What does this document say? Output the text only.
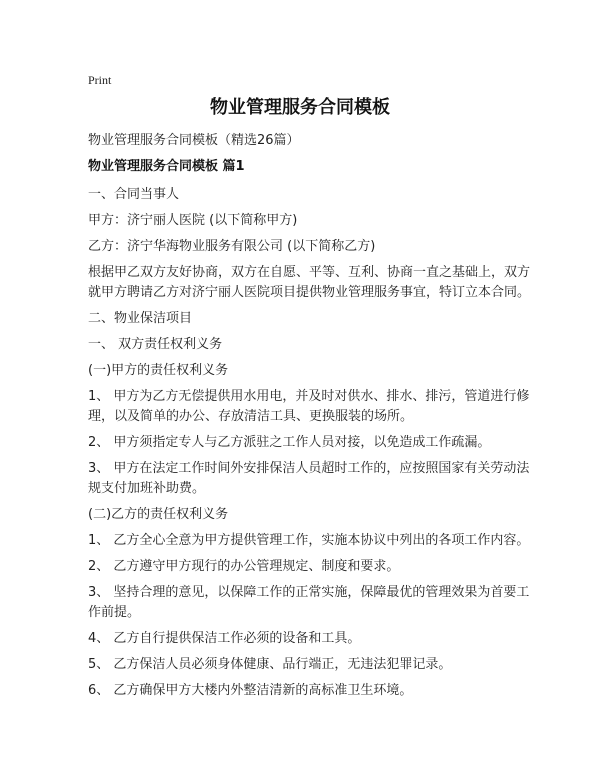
Print
物业管理服务合同模板

物业管理服务合同模板（精选26篇）

物业管理服务合同模板 篇1

一、合同当事人

甲方：济宁丽人医院 (以下简称甲方)

乙方：济宁华海物业服务有限公司 (以下简称乙方)

根据甲乙双方友好协商，双方在自愿、平等、互利、协商一直之基础上，双方就甲方聘请乙方对济宁丽人医院项目提供物业管理服务事宜，特订立本合同。

二、物业保洁项目

一、 双方责任权利义务

(一)甲方的责任权利义务

1、 甲方为乙方无偿提供用水用电，并及时对供水、排水、排污，管道进行修理，以及简单的办公、存放清洁工具、更换服装的场所。

2、 甲方须指定专人与乙方派驻之工作人员对接，以免造成工作疏漏。

3、 甲方在法定工作时间外安排保洁人员超时工作的，应按照国家有关劳动法规支付加班补助费。

(二)乙方的责任权利义务

1、 乙方全心全意为甲方提供管理工作，实施本协议中列出的各项工作内容。

2、 乙方遵守甲方现行的办公管理规定、制度和要求。

3、 坚持合理的意见，以保障工作的正常实施，保障最优的管理效果为首要工作前提。

4、 乙方自行提供保洁工作必须的设备和工具。

5、 乙方保洁人员必须身体健康、品行端正，无违法犯罪记录。

6、 乙方确保甲方大楼内外整洁清新的高标准卫生环境。
